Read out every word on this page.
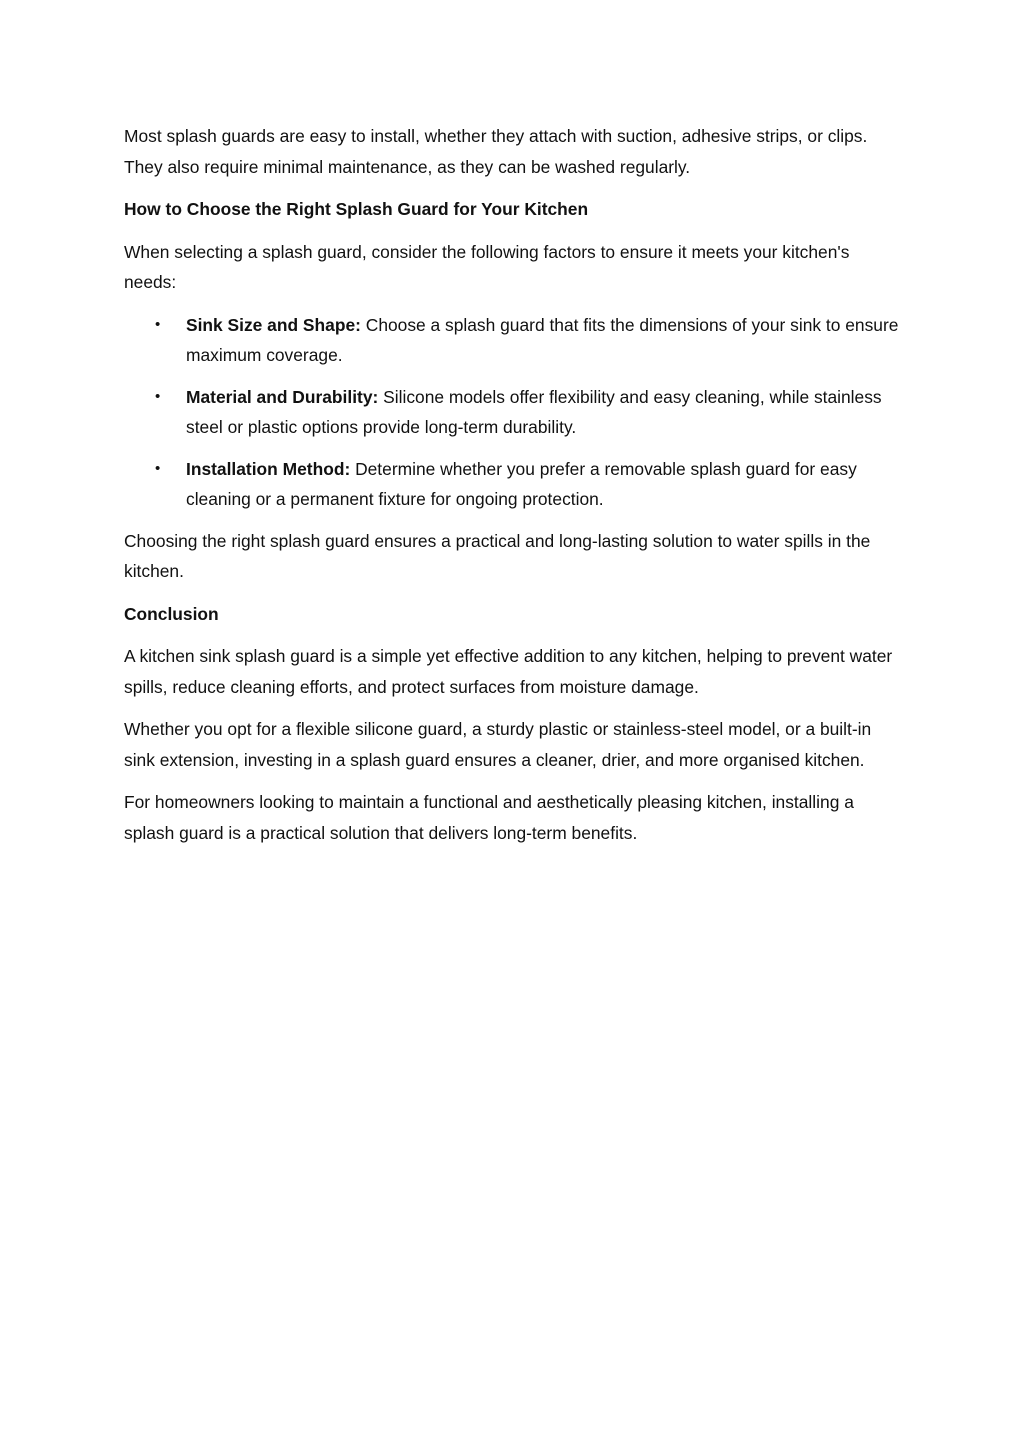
Most splash guards are easy to install, whether they attach with suction, adhesive strips, or clips. They also require minimal maintenance, as they can be washed regularly.

How to Choose the Right Splash Guard for Your Kitchen

When selecting a splash guard, consider the following factors to ensure it meets your kitchen's needs:

• Sink Size and Shape: Choose a splash guard that fits the dimensions of your sink to ensure maximum coverage.
• Material and Durability: Silicone models offer flexibility and easy cleaning, while stainless steel or plastic options provide long-term durability.
• Installation Method: Determine whether you prefer a removable splash guard for easy cleaning or a permanent fixture for ongoing protection.

Choosing the right splash guard ensures a practical and long-lasting solution to water spills in the kitchen.

Conclusion

A kitchen sink splash guard is a simple yet effective addition to any kitchen, helping to prevent water spills, reduce cleaning efforts, and protect surfaces from moisture damage.

Whether you opt for a flexible silicone guard, a sturdy plastic or stainless-steel model, or a built-in sink extension, investing in a splash guard ensures a cleaner, drier, and more organised kitchen.

For homeowners looking to maintain a functional and aesthetically pleasing kitchen, installing a splash guard is a practical solution that delivers long-term benefits.
